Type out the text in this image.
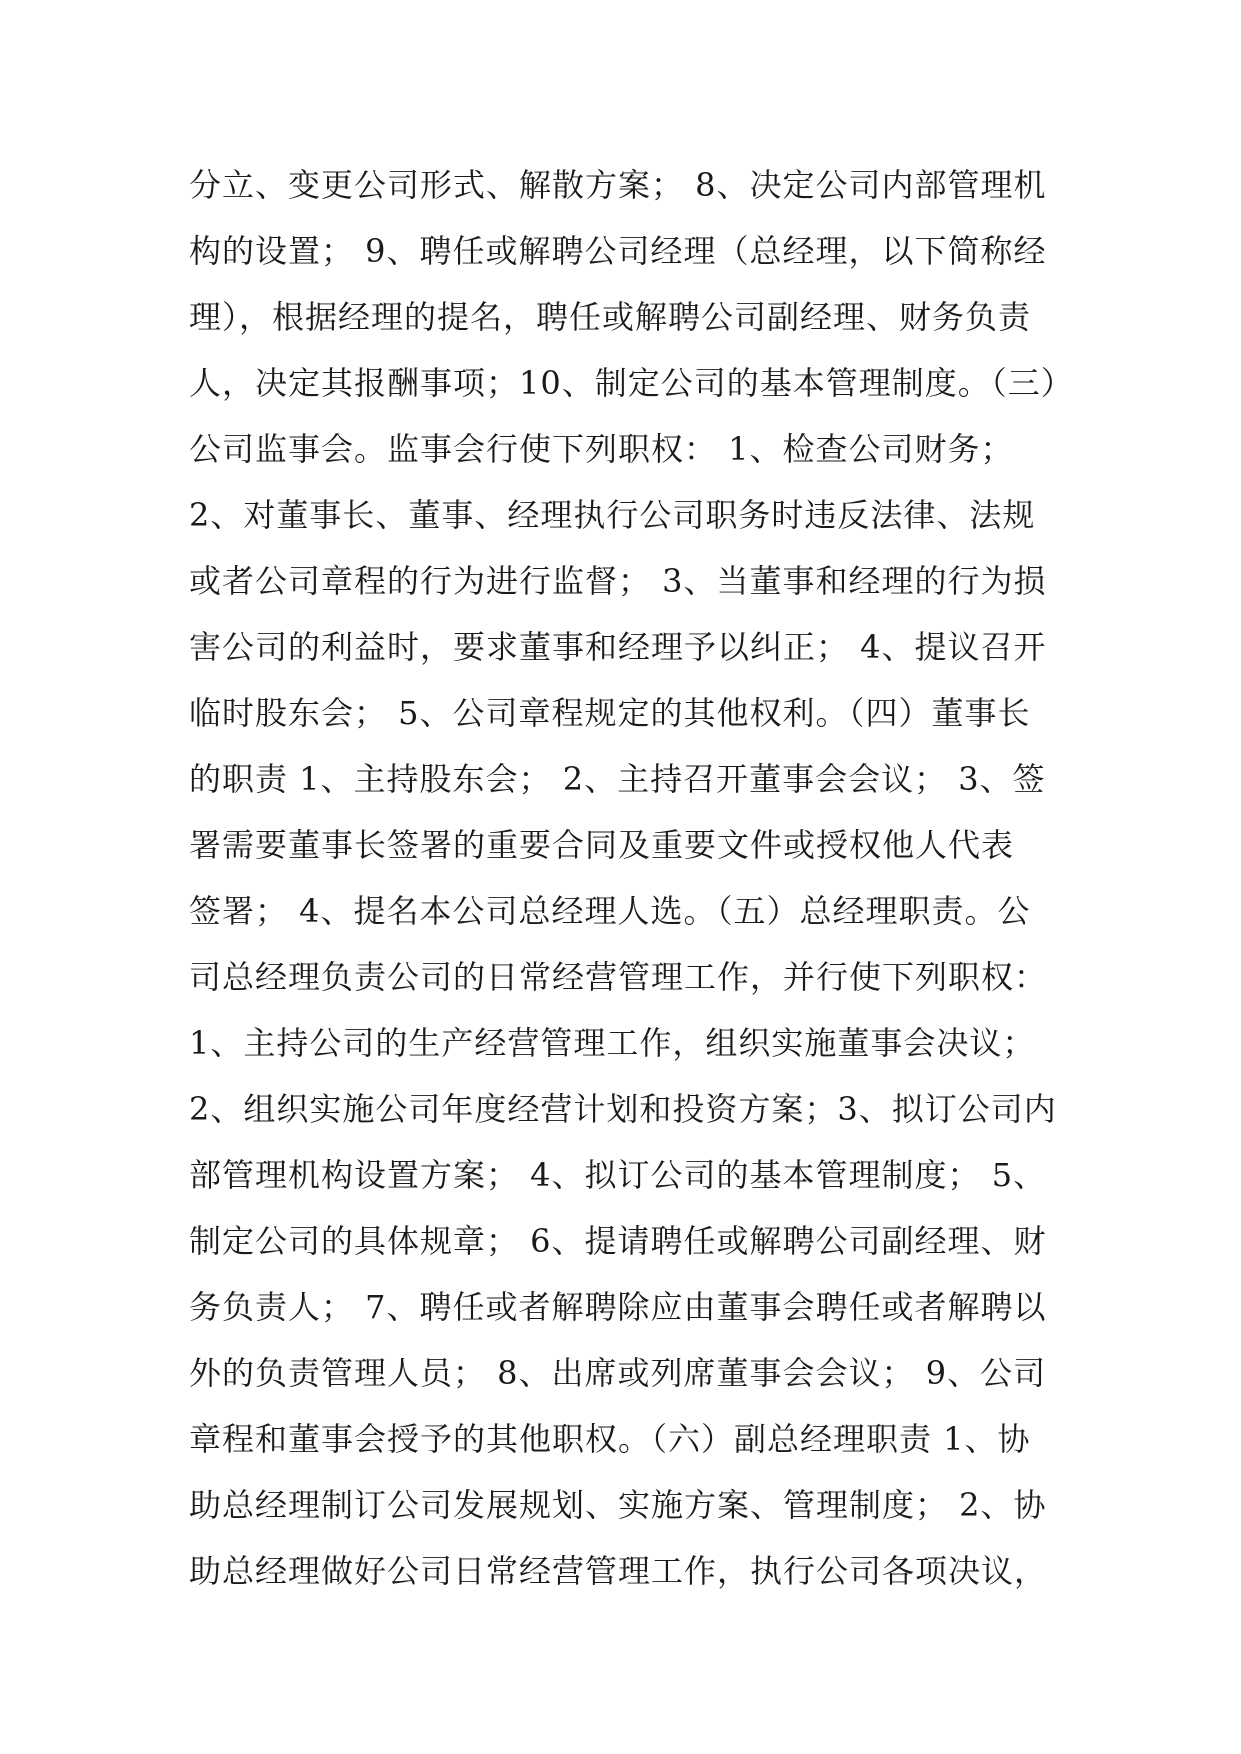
分立、变更公司形式、解散方案； 8、决定公司内部管理机
构的设置； 9、聘任或解聘公司经理（总经理，以下简称经
理），根据经理的提名，聘任或解聘公司副经理、财务负责
人，决定其报酬事项；10、制定公司的基本管理制度。（三）
公司监事会。监事会行使下列职权： 1、检查公司财务；
2、对董事长、董事、经理执行公司职务时违反法律、法规
或者公司章程的行为进行监督； 3、当董事和经理的行为损
害公司的利益时，要求董事和经理予以纠正； 4、提议召开
临时股东会； 5、公司章程规定的其他权利。（四）董事长
的职责 1、主持股东会； 2、主持召开董事会会议； 3、签
署需要董事长签署的重要合同及重要文件或授权他人代表
签署； 4、提名本公司总经理人选。（五）总经理职责。公
司总经理负责公司的日常经营管理工作，并行使下列职权：
1、主持公司的生产经营管理工作，组织实施董事会决议；
2、组织实施公司年度经营计划和投资方案；3、拟订公司内
部管理机构设置方案； 4、拟订公司的基本管理制度； 5、
制定公司的具体规章； 6、提请聘任或解聘公司副经理、财
务负责人； 7、聘任或者解聘除应由董事会聘任或者解聘以
外的负责管理人员； 8、出席或列席董事会会议； 9、公司
章程和董事会授予的其他职权。（六）副总经理职责 1、协
助总经理制订公司发展规划、实施方案、管理制度； 2、协
助总经理做好公司日常经营管理工作，执行公司各项决议，
